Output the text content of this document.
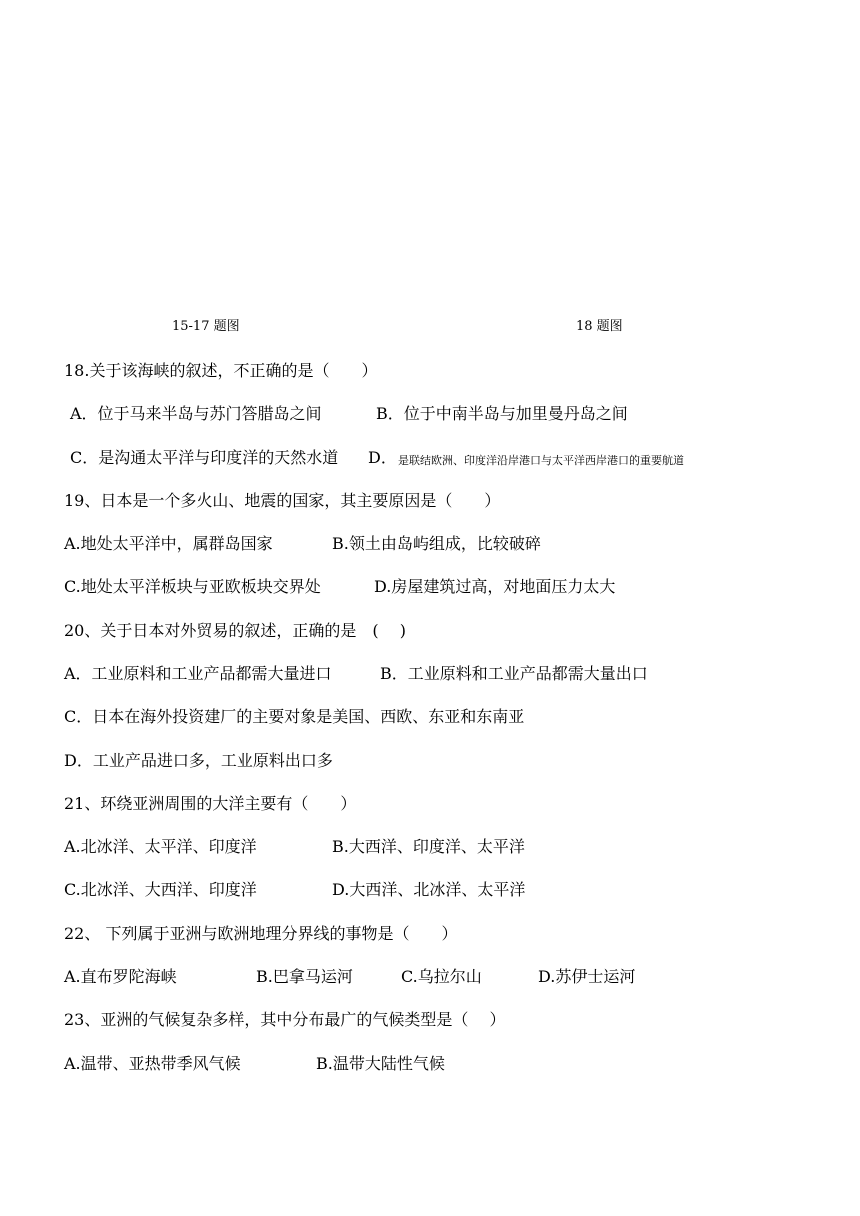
15-17 题图	18 题图
18.关于该海峡的叙述，不正确的是（　　）
A．位于马来半岛与苏门答腊岛之间	B．位于中南半岛与加里曼丹岛之间
C．是沟通太平洋与印度洋的天然水道 D． 是联结欧洲、印度洋沿岸港口与太平洋西岸港口的重要航道
19、日本是一个多火山、地震的国家，其主要原因是（　　）
A.地处太平洋中，属群岛国家	B.领土由岛屿组成，比较破碎
C.地处太平洋板块与亚欧板块交界处	D.房屋建筑过高，对地面压力太大
20、关于日本对外贸易的叙述，正确的是　(　 )
A．工业原料和工业产品都需大量进口	B．工业原料和工业产品都需大量出口
C．日本在海外投资建厂的主要对象是美国、西欧、东亚和东南亚
D．工业产品进口多，工业原料出口多
21、环绕亚洲周围的大洋主要有（　　）
A.北冰洋、太平洋、印度洋	B.大西洋、印度洋、太平洋
C.北冰洋、大西洋、印度洋	D.大西洋、北冰洋、太平洋
22、 下列属于亚洲与欧洲地理分界线的事物是（　　）
A.直布罗陀海峡	B.巴拿马运河	C.乌拉尔山	D.苏伊士运河
23、亚洲的气候复杂多样，其中分布最广的气候类型是（　 ）
A.温带、亚热带季风气候	B.温带大陆性气候
